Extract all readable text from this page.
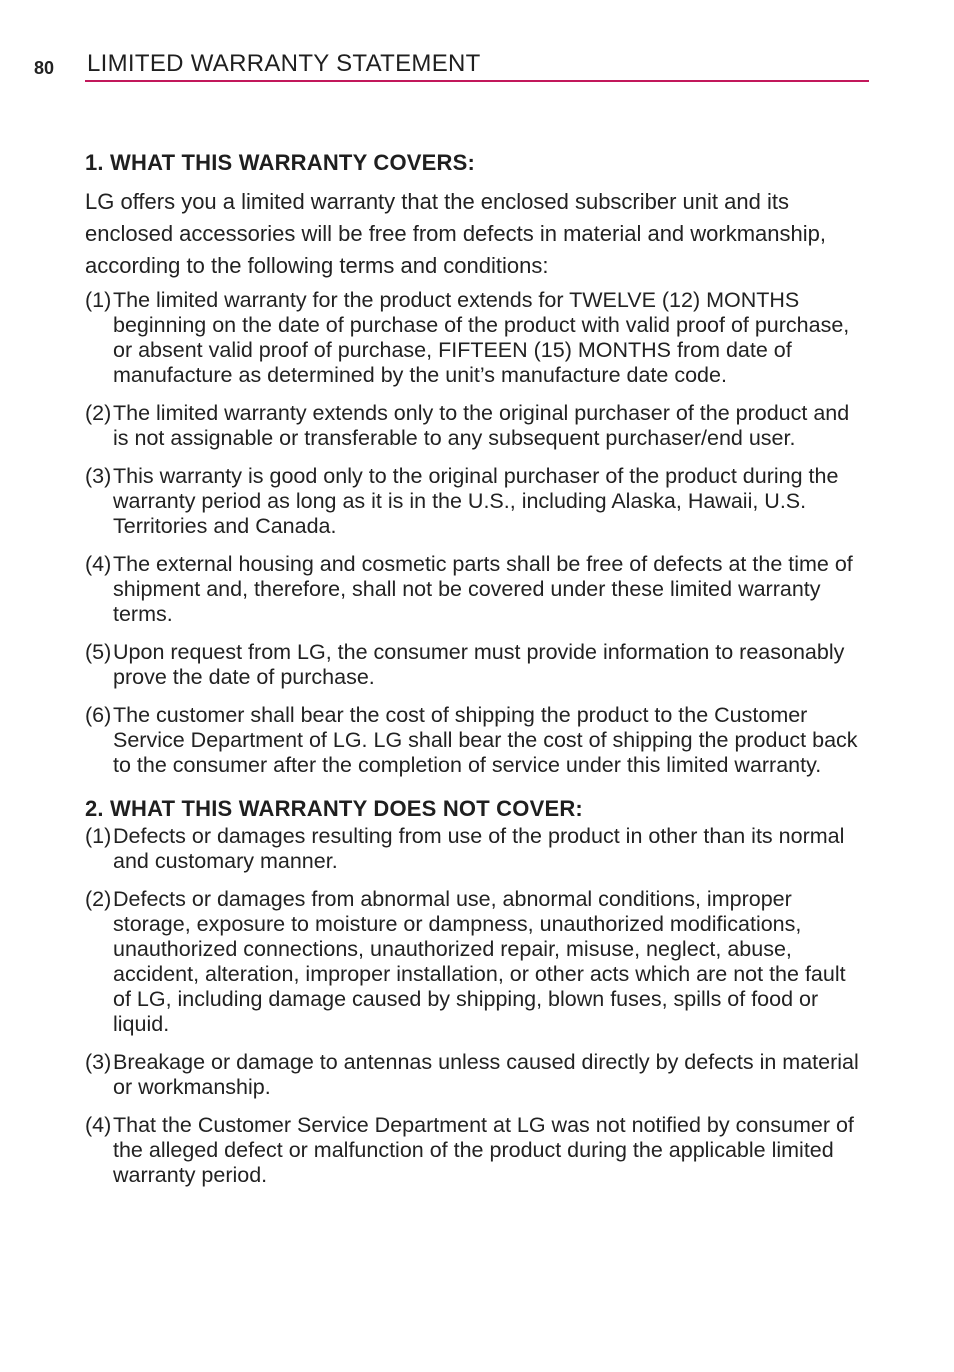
80 LIMITED WARRANTY STATEMENT
1. WHAT THIS WARRANTY COVERS:

LG offers you a limited warranty that the enclosed subscriber unit and its enclosed accessories will be free from defects in material and workmanship, according to the following terms and conditions:

(1) The limited warranty for the product extends for TWELVE (12) MONTHS beginning on the date of purchase of the product with valid proof of purchase, or absent valid proof of purchase, FIFTEEN (15) MONTHS from date of manufacture as determined by the unit’s manufacture date code.
(2) The limited warranty extends only to the original purchaser of the product and is not assignable or transferable to any subsequent purchaser/end user.
(3) This warranty is good only to the original purchaser of the product during the warranty period as long as it is in the U.S., including Alaska, Hawaii, U.S. Territories and Canada.
(4) The external housing and cosmetic parts shall be free of defects at the time of shipment and, therefore, shall not be covered under these limited warranty terms.
(5) Upon request from LG, the consumer must provide information to reasonably prove the date of purchase.
(6) The customer shall bear the cost of shipping the product to the Customer Service Department of LG. LG shall bear the cost of shipping the product back to the consumer after the completion of service under this limited warranty.
2. WHAT THIS WARRANTY DOES NOT COVER:
(1) Defects or damages resulting from use of the product in other than its normal and customary manner.
(2) Defects or damages from abnormal use, abnormal conditions, improper storage, exposure to moisture or dampness, unauthorized modifications, unauthorized connections, unauthorized repair, misuse, neglect, abuse, accident, alteration, improper installation, or other acts which are not the fault of LG, including damage caused by shipping, blown fuses, spills of food or liquid.
(3) Breakage or damage to antennas unless caused directly by defects in material or workmanship.
(4) That the Customer Service Department at LG was not notified by consumer of the alleged defect or malfunction of the product during the applicable limited warranty period.
